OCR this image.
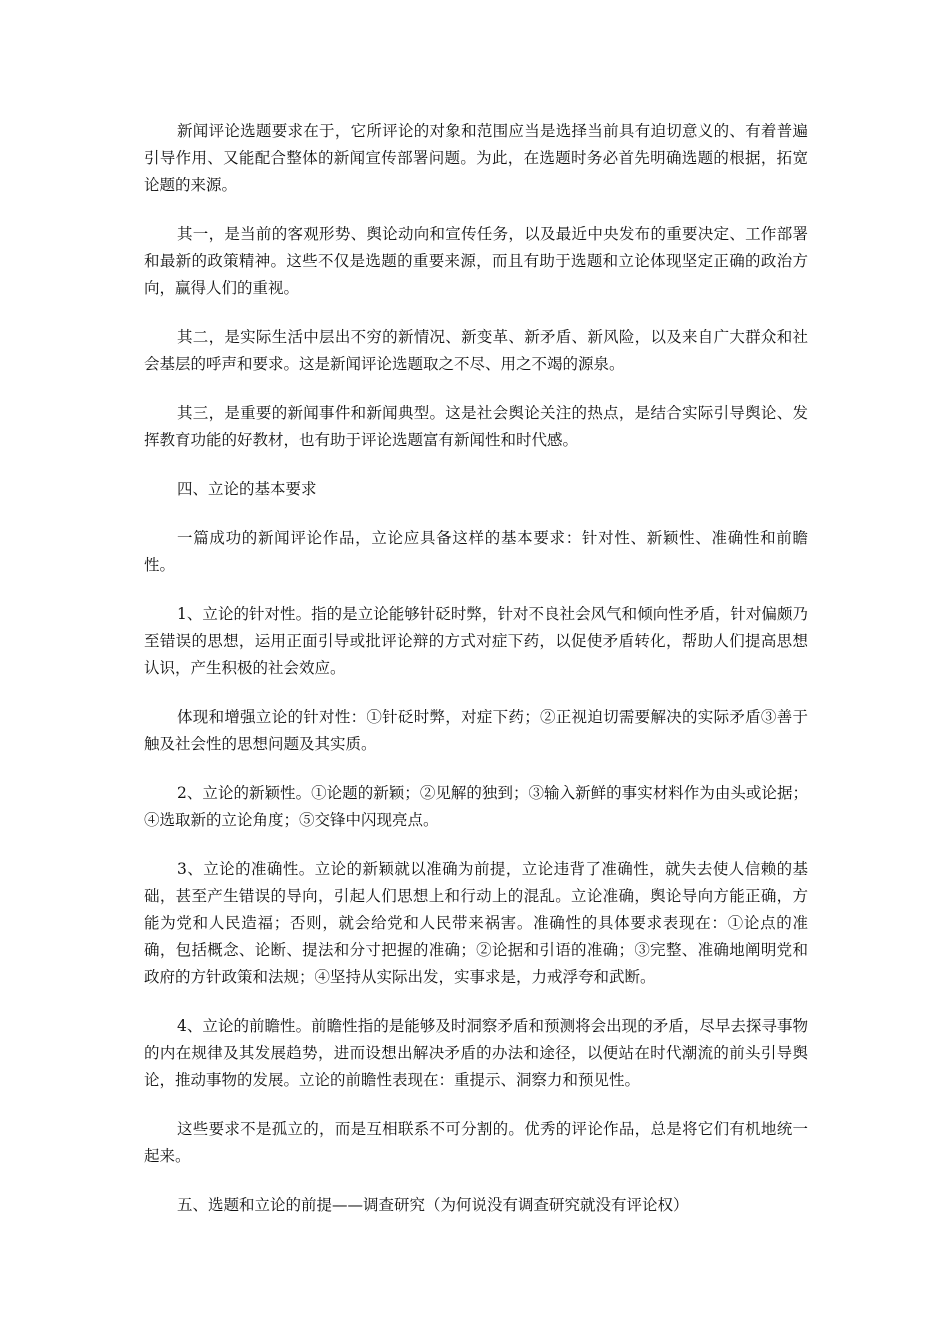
新闻评论选题要求在于，它所评论的对象和范围应当是选择当前具有迫切意义的、有着普遍引导作用、又能配合整体的新闻宣传部署问题。为此，在选题时务必首先明确选题的根据，拓宽论题的来源。

其一，是当前的客观形势、舆论动向和宣传任务，以及最近中央发布的重要决定、工作部署和最新的政策精神。这些不仅是选题的重要来源，而且有助于选题和立论体现坚定正确的政治方向，赢得人们的重视。

其二，是实际生活中层出不穷的新情况、新变革、新矛盾、新风险，以及来自广大群众和社会基层的呼声和要求。这是新闻评论选题取之不尽、用之不竭的源泉。

其三，是重要的新闻事件和新闻典型。这是社会舆论关注的热点，是结合实际引导舆论、发挥教育功能的好教材，也有助于评论选题富有新闻性和时代感。

四、立论的基本要求

一篇成功的新闻评论作品，立论应具备这样的基本要求：针对性、新颖性、准确性和前瞻性。

1、立论的针对性。指的是立论能够针砭时弊，针对不良社会风气和倾向性矛盾，针对偏颇乃至错误的思想，运用正面引导或批评论辩的方式对症下药，以促使矛盾转化，帮助人们提高思想认识，产生积极的社会效应。

体现和增强立论的针对性：①针砭时弊，对症下药；②正视迫切需要解决的实际矛盾③善于触及社会性的思想问题及其实质。

2、立论的新颖性。①论题的新颖；②见解的独到；③输入新鲜的事实材料作为由头或论据；④选取新的立论角度；⑤交锋中闪现亮点。

3、立论的准确性。立论的新颖就以准确为前提，立论违背了准确性，就失去使人信赖的基础，甚至产生错误的导向，引起人们思想上和行动上的混乱。立论准确，舆论导向方能正确，方能为党和人民造福；否则，就会给党和人民带来祸害。准确性的具体要求表现在：①论点的准确，包括概念、论断、提法和分寸把握的准确；②论据和引语的准确；③完整、准确地阐明党和政府的方针政策和法规；④坚持从实际出发，实事求是，力戒浮夸和武断。

4、立论的前瞻性。前瞻性指的是能够及时洞察矛盾和预测将会出现的矛盾，尽早去探寻事物的内在规律及其发展趋势，进而设想出解决矛盾的办法和途径，以便站在时代潮流的前头引导舆论，推动事物的发展。立论的前瞻性表现在：重提示、洞察力和预见性。

这些要求不是孤立的，而是互相联系不可分割的。优秀的评论作品，总是将它们有机地统一起来。

五、选题和立论的前提——调查研究（为何说没有调查研究就没有评论权）
